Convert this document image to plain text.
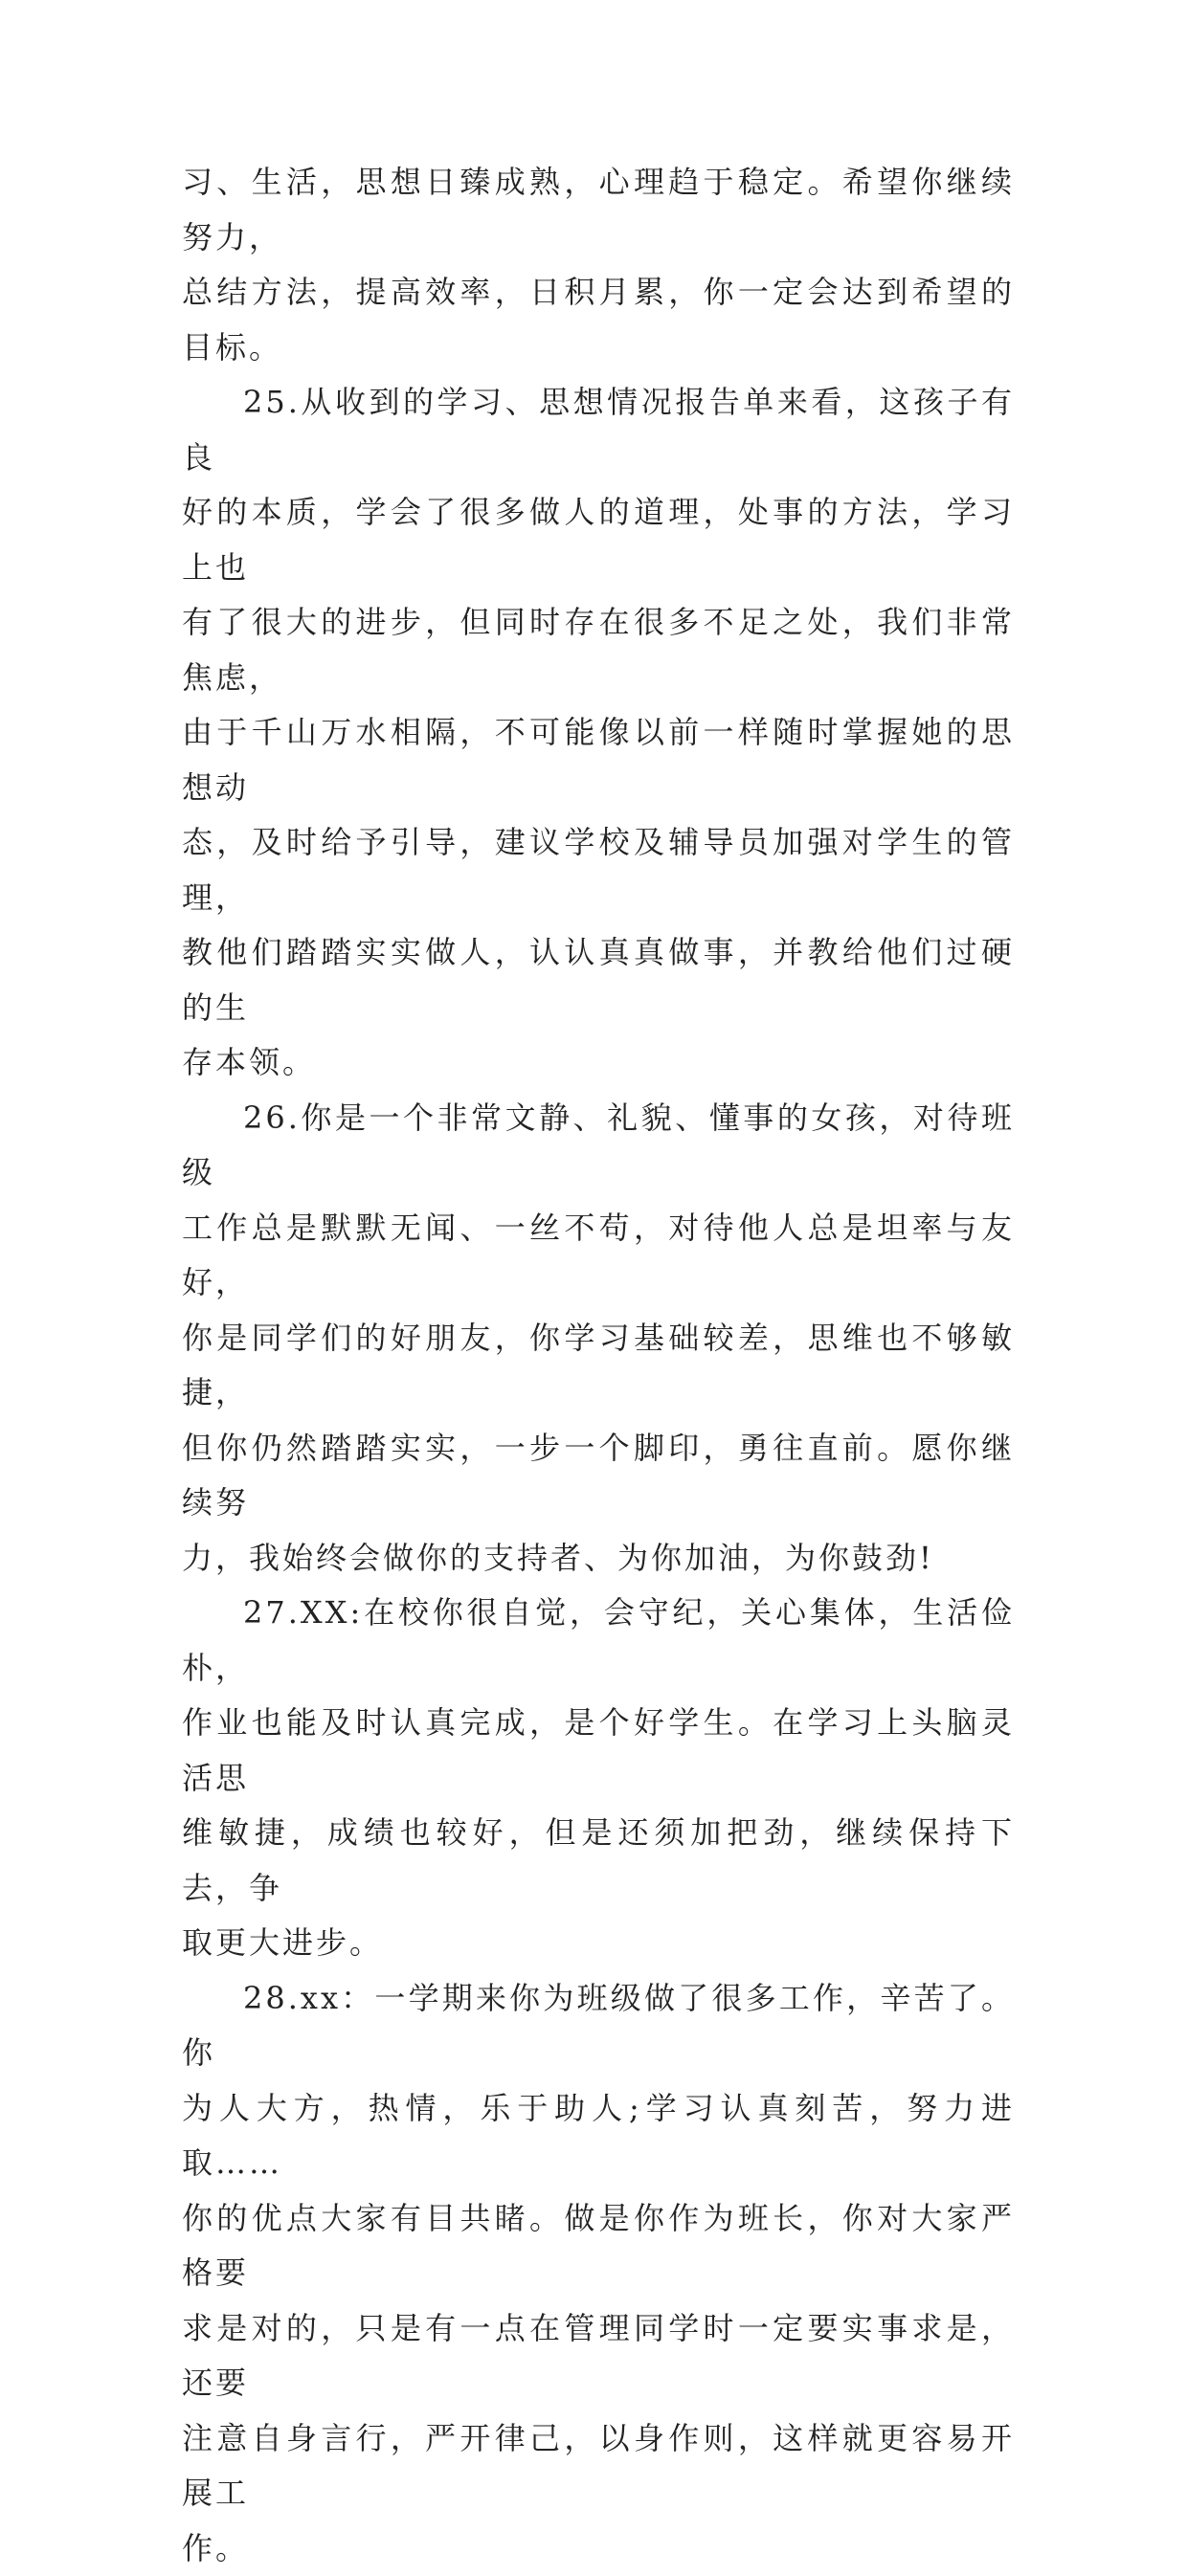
习、生活，思想日臻成熟，心理趋于稳定。希望你继续努力，
总结方法，提高效率，日积月累，你一定会达到希望的目标。

25.从收到的学习、思想情况报告单来看，这孩子有良
好的本质，学会了很多做人的道理，处事的方法，学习上也
有了很大的进步，但同时存在很多不足之处，我们非常焦虑，
由于千山万水相隔，不可能像以前一样随时掌握她的思想动
态，及时给予引导，建议学校及辅导员加强对学生的管理，
教他们踏踏实实做人，认认真真做事，并教给他们过硬的生
存本领。

26.你是一个非常文静、礼貌、懂事的女孩，对待班级
工作总是默默无闻、一丝不苟，对待他人总是坦率与友好，
你是同学们的好朋友，你学习基础较差，思维也不够敏捷，
但你仍然踏踏实实，一步一个脚印，勇往直前。愿你继续努
力，我始终会做你的支持者、为你加油，为你鼓劲!

27.XX:在校你很自觉，会守纪，关心集体，生活俭朴，
作业也能及时认真完成，是个好学生。在学习上头脑灵活思
维敏捷，成绩也较好，但是还须加把劲，继续保持下去，争
取更大进步。

28.xx：一学期来你为班级做了很多工作，辛苦了。你
为人大方，热情，乐于助人;学习认真刻苦，努力进取……
你的优点大家有目共睹。做是你作为班长，你对大家严格要
求是对的，只是有一点在管理同学时一定要实事求是，还要
注意自身言行，严开律己，以身作则，这样就更容易开展工
作。
